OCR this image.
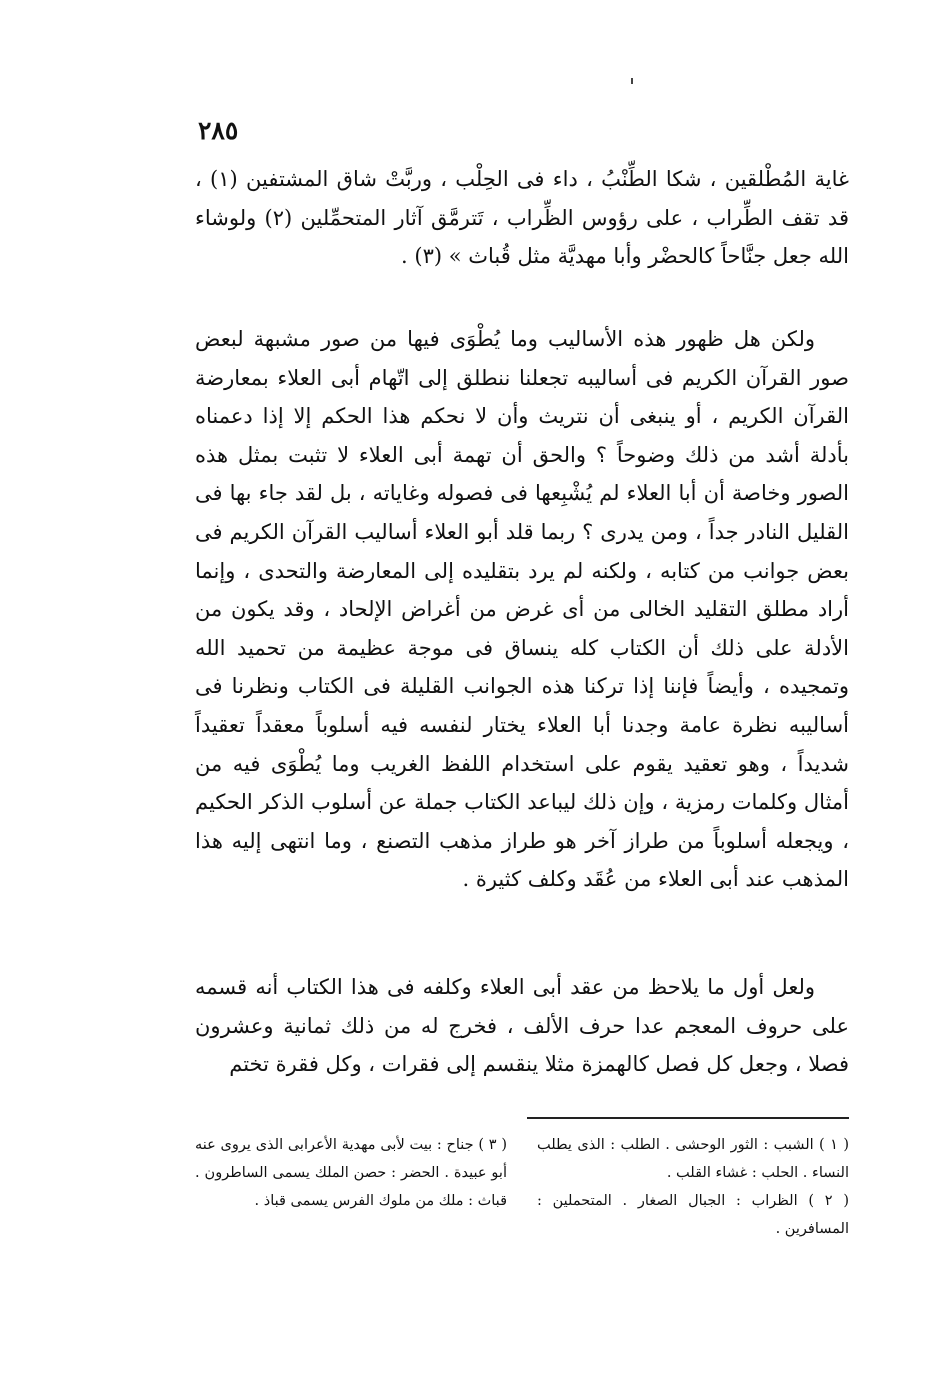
٢٨٥

غاية المُطْلقين ، شكا الطِّنْبُ ، داء فى الحِلْب ، وربَّتْ شاق المشتفين (١) ، قد تقف الطِّراب ، على رؤوس الظِّراب ، تَترمَّق آثار المتحمِّلين (٢) ولوشاء الله جعل جنَّاحاً كالحضْر وأبا مهديَّة مثل قُباث » (٣) .

ولكن هل ظهور هذه الأساليب وما يُطْوَى فيها من صور مشبهة لبعض صور القرآن الكريم فى أساليبه تجعلنا ننطلق إلى اتّهام أبى العلاء بمعارضة القرآن الكريم ، أو ينبغى أن نتريث وأن لا نحكم هذا الحكم إلا إذا دعمناه بأدلة أشد من ذلك وضوحاً ؟ والحق أن تهمة أبى العلاء لا تثبت بمثل هذه الصور وخاصة أن أبا العلاء لم يُشْبِعها فى فصوله وغاياته ، بل لقد جاء بها فى القليل النادر جداً ، ومن يدرى ؟ ربما قلد أبو العلاء أساليب القرآن الكريم فى بعض جوانب من كتابه ، ولكنه لم يرد بتقليده إلى المعارضة والتحدى ، وإنما أراد مطلق التقليد الخالى من أى غرض من أغراض الإلحاد ، وقد يكون من الأدلة على ذلك أن الكتاب كله ينساق فى موجة عظيمة من تحميد الله وتمجيده ، وأيضاً فإننا إذا تركنا هذه الجوانب القليلة فى الكتاب ونظرنا فى أساليبه نظرة عامة وجدنا أبا العلاء يختار لنفسه فيه أسلوباً معقداً تعقيداً شديداً ، وهو تعقيد يقوم على استخدام اللفظ الغريب وما يُطْوَى فيه من أمثال وكلمات رمزية ، وإن ذلك ليباعد الكتاب جملة عن أسلوب الذكر الحكيم ، ويجعله أسلوباً من طراز آخر هو طراز مذهب التصنع ، وما انتهى إليه هذا المذهب عند أبى العلاء من عُقَد وكلف كثيرة .

ولعل أول ما يلاحظ من عقد أبى العلاء وكلفه فى هذا الكتاب أنه قسمه على حروف المعجم عدا حرف الألف ، فخرج له من ذلك ثمانية وعشرون فصلا ، وجعل كل فصل كالهمزة مثلا ينقسم إلى فقرات ، وكل فقرة تختم

( ١ ) الشبب : الثور الوحشى . الطلب : الذى يطلب النساء . الحلب : غشاء القلب .

( ٢ ) الظراب : الجبال الصغار . المتحملين : المسافرين .

( ٣ ) جناح : بيت لأبى مهدية الأعرابى الذى يروى عنه أبو عبيدة . الحضر : حصن الملك يسمى الساطرون . قباث : ملك من ملوك الفرس يسمى قباذ .
